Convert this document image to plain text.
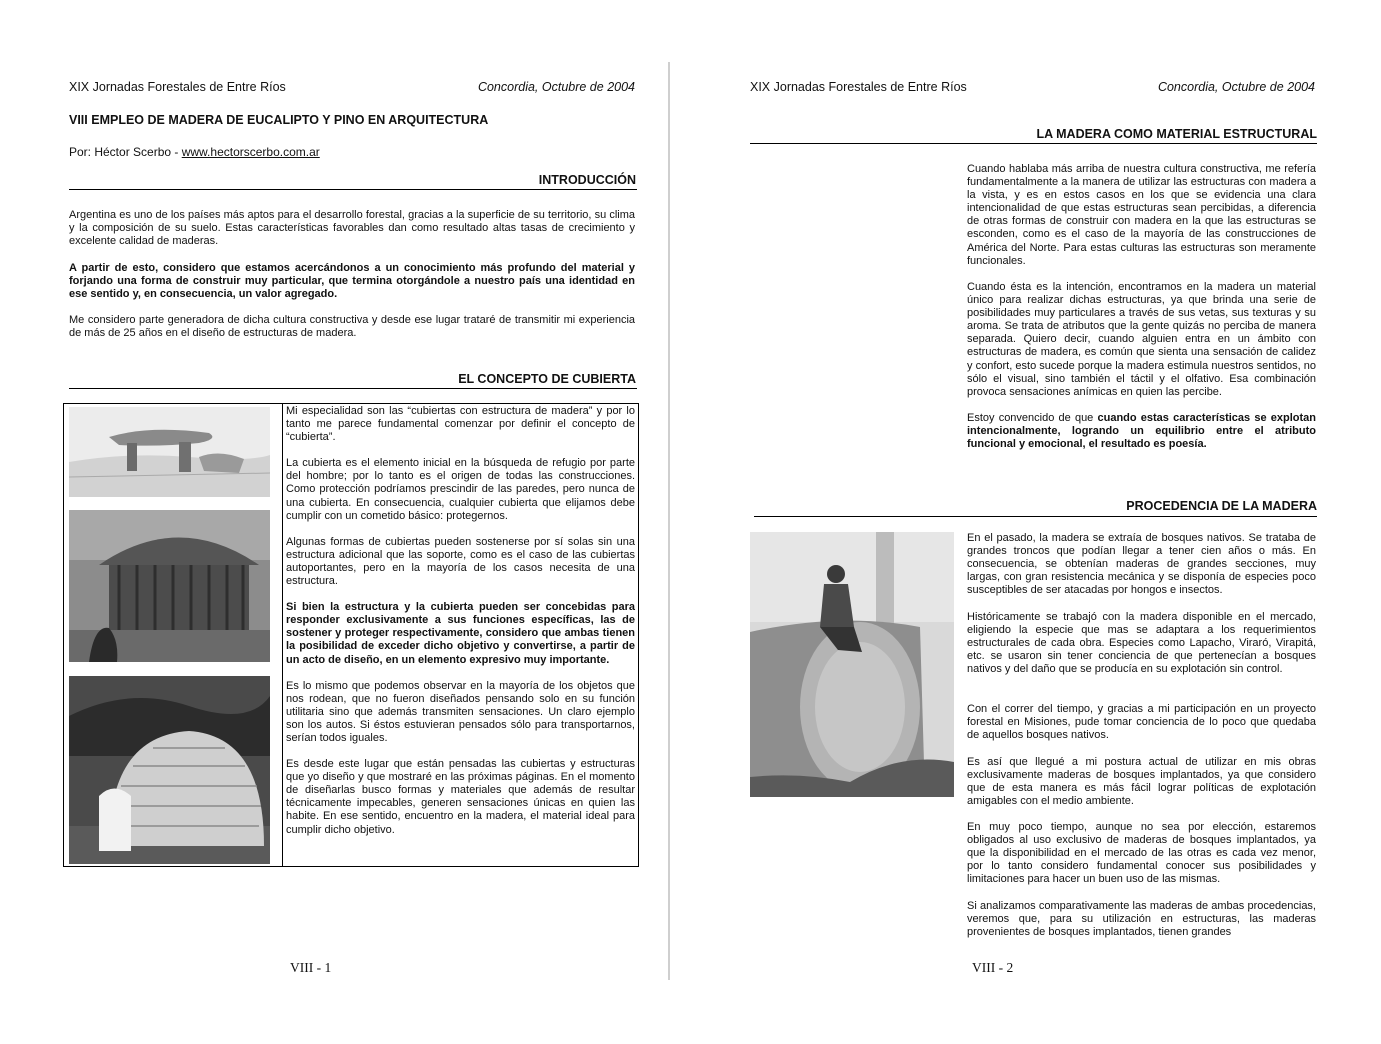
XIX Jornadas Forestales de Entre Ríos	Concordia, Octubre de 2004
VIII EMPLEO DE MADERA DE EUCALIPTO Y PINO EN ARQUITECTURA
Por: Héctor Scerbo - www.hectorscerbo.com.ar
INTRODUCCIÓN

Argentina es uno de los países más aptos para el desarrollo forestal, gracias a la superficie de su territorio, su clima y la composición de su suelo. Estas características favorables dan como resultado altas tasas de crecimiento y excelente calidad de maderas.

A partir de esto, considero que estamos acercándonos a un conocimiento más profundo del material y forjando una forma de construir muy particular, que termina otorgándole a nuestro país una identidad en ese sentido y, en consecuencia, un valor agregado.

Me considero parte generadora de dicha cultura constructiva y desde ese lugar trataré de transmitir mi experiencia de más de 25 años en el diseño de estructuras de madera.

EL CONCEPTO DE CUBIERTA

Mi especialidad son las “cubiertas con estructura de madera” y por lo tanto me parece fundamental comenzar por definir el concepto de “cubierta”.

La cubierta es el elemento inicial en la búsqueda de refugio por parte del hombre; por lo tanto es el origen de todas las construcciones. Como protección podríamos prescindir de las paredes, pero nunca de una cubierta. En consecuencia, cualquier cubierta que elijamos debe cumplir con un cometido básico: protegernos.

Algunas formas de cubiertas pueden sostenerse por sí solas sin una estructura adicional que las soporte, como es el caso de las cubiertas autoportantes, pero en la mayoría de los casos necesita de una estructura.

Si bien la estructura y la cubierta pueden ser concebidas para responder exclusivamente a sus funciones específicas, las de sostener y proteger respectivamente, considero que ambas tienen la posibilidad de exceder dicho objetivo y convertirse, a partir de un acto de diseño, en un elemento expresivo muy importante.

Es lo mismo que podemos observar en la mayoría de los objetos que nos rodean, que no fueron diseñados pensando solo en su función utilitaria sino que además transmiten sensaciones. Un claro ejemplo son los autos. Si éstos estuvieran pensados sólo para transportarnos, serían todos iguales.

Es desde este lugar que están pensadas las cubiertas y estructuras que yo diseño y que mostraré en las próximas páginas. En el momento de diseñarlas busco formas y materiales que además de resultar técnicamente impecables, generen sensaciones únicas en quien las habite. En ese sentido, encuentro en la madera, el material ideal para cumplir dicho objetivo.

VIII - 1
XIX Jornadas Forestales de Entre Ríos	Concordia, Octubre de 2004
LA MADERA COMO MATERIAL ESTRUCTURAL

Cuando hablaba más arriba de nuestra cultura constructiva, me refería fundamentalmente a la manera de utilizar las estructuras con madera a la vista, y es en estos casos en los que se evidencia una clara intencionalidad de que estas estructuras sean percibidas, a diferencia de otras formas de construir con madera en la que las estructuras se esconden, como es el caso de la mayoría de las construcciones de América del Norte. Para estas culturas las estructuras son meramente funcionales.

Cuando ésta es la intención, encontramos en la madera un material único para realizar dichas estructuras, ya que brinda una serie de posibilidades muy particulares a través de sus vetas, sus texturas y su aroma. Se trata de atributos que la gente quizás no perciba de manera separada. Quiero decir, cuando alguien entra en un ámbito con estructuras de madera, es común que sienta una sensación de calidez y confort, esto sucede porque la madera estimula nuestros sentidos, no sólo el visual, sino también el táctil y el olfativo. Esa combinación provoca sensaciones anímicas en quien las percibe.

Estoy convencido de que cuando estas características se explotan intencionalmente, logrando un equilibrio entre el atributo funcional y emocional, el resultado es poesía.

PROCEDENCIA DE LA MADERA

En el pasado, la madera se extraía de bosques nativos. Se trataba de grandes troncos que podían llegar a tener cien años o más. En consecuencia, se obtenían maderas de grandes secciones, muy largas, con gran resistencia mecánica y se disponía de especies poco susceptibles de ser atacadas por hongos e insectos.

Históricamente se trabajó con la madera disponible en el mercado, eligiendo la especie que mas se adaptara a los requerimientos estructurales de cada obra. Especies como Lapacho, Viraró, Virapitá, etc. se usaron sin tener conciencia de que pertenecían a bosques nativos y del daño que se producía en su explotación sin control.

Con el correr del tiempo, y gracias a mi participación en un proyecto forestal en Misiones, pude tomar conciencia de lo poco que quedaba de aquellos bosques nativos.

Es así que llegué a mi postura actual de utilizar en mis obras exclusivamente maderas de bosques implantados, ya que considero que de esta manera es más fácil lograr políticas de explotación amigables con el medio ambiente.

En muy poco tiempo, aunque no sea por elección, estaremos obligados al uso exclusivo de maderas de bosques implantados, ya que la disponibilidad en el mercado de las otras es cada vez menor, por lo tanto considero fundamental conocer sus posibilidades y limitaciones para hacer un buen uso de las mismas.

Si analizamos comparativamente las maderas de ambas procedencias, veremos que, para su utilización en estructuras, las maderas provenientes de bosques implantados, tienen grandes

VIII - 2
